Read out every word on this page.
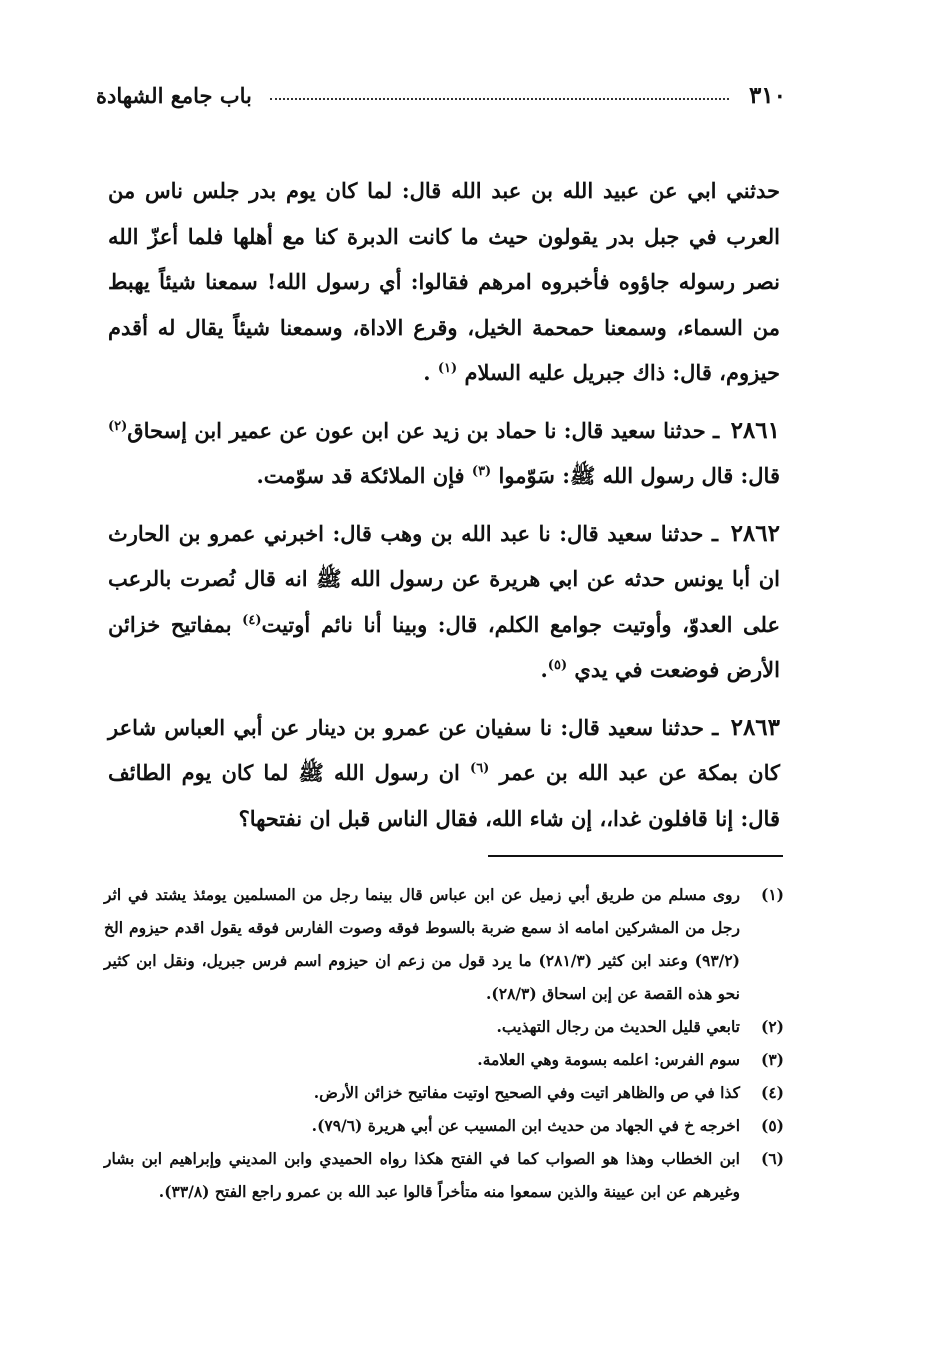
٣١٠
باب جامع الشهادة

حدثني ابي عن عبيد الله بن عبد الله قال: لما كان يوم بدر جلس ناس من العرب في جبل بدر يقولون حيث ما كانت الدبرة كنا مع أهلها فلما أعزّ الله نصر رسوله جاؤوه فأخبروه امرهم فقالوا: أي رسول الله! سمعنا شيئاً يهبط من السماء، وسمعنا حمحمة الخيل، وقرع الاداة، وسمعنا شيئاً يقال له أقدم حيزوم، قال: ذاك جبريل عليه السلام $^{(١)}$ .

٢٨٦١ ـ حدثنا سعيد قال: نا حماد بن زيد عن ابن عون عن عمير ابن إسحاق$^{(٢)}$ قال: قال رسول الله ﷺ: سَوّموا $^{(٣)}$ فإن الملائكة قد سوّمت.

٢٨٦٢ ـ حدثنا سعيد قال: نا عبد الله بن وهب قال: اخبرني عمرو بن الحارث ان أبا يونس حدثه عن ابي هريرة عن رسول الله ﷺ انه قال نُصرت بالرعب على العدوّ، وأوتيت جوامع الكلم، قال: وبينا أنا نائم أوتيت$^{(٤)}$ بمفاتيح خزائن الأرض فوضعت في يدي $^{(٥)}$.

٢٨٦٣ ـ حدثنا سعيد قال: نا سفيان عن عمرو بن دينار عن أبي العباس شاعر كان بمكة عن عبد الله بن عمر $^{(٦)}$ ان رسول الله ﷺ لما كان يوم الطائف قال: إنا قافلون غدا،، إن شاء الله، فقال الناس قبل ان نفتحها؟

(١)
روى مسلم من طريق أبي زميل عن ابن عباس قال بينما رجل من المسلمين يومئذ يشتد في اثر رجل من المشركين امامه اذ سمع ضربة بالسوط فوقه وصوت الفارس فوقه يقول اقدم حيزوم الخ (٩٣/٢) وعند ابن كثير (٢٨١/٣) ما يرد قول من زعم ان حيزوم اسم فرس جبريل، ونقل ابن كثير نحو هذه القصة عن إبن اسحاق (٢٨/٣).
(٢)
تابعي قليل الحديث من رجال التهذيب.
(٣)
سوم الفرس: اعلمه بسومة وهي العلامة.
(٤)
كذا في ص والظاهر اتيت وفي الصحيح اوتيت مفاتيح خزائن الأرض.
(٥)
اخرجه خ في الجهاد من حديث ابن المسيب عن أبي هريرة (٧٩/٦).
(٦)
ابن الخطاب وهذا هو الصواب كما في الفتح هكذا رواه الحميدي وابن المديني وإبراهيم ابن بشار وغيرهم عن ابن عيينة والذين سمعوا منه متأخراً قالوا عبد الله بن عمرو راجع الفتح (٣٣/٨).
